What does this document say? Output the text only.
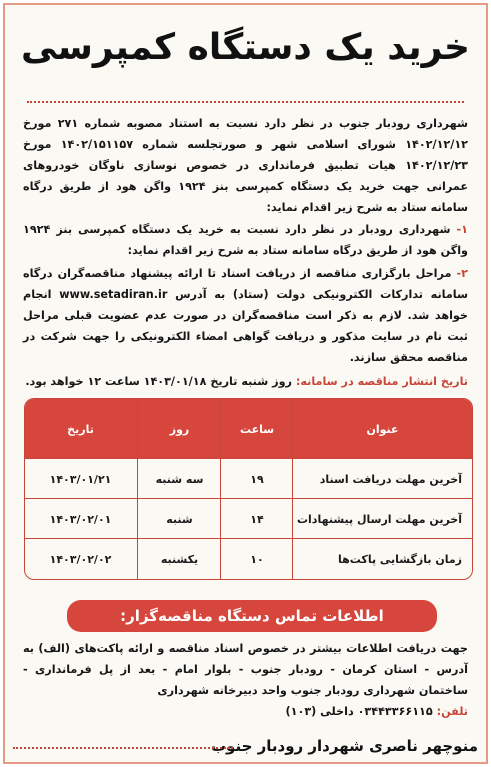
خرید یک دستگاه کمپرسی

شهرداری رودبار جنوب در نظر دارد نسبت به استناد مصوبه شماره ۲۷۱ مورخ ۱۴۰۲/۱۲/۱۲ شورای اسلامی شهر و صورتجلسه شماره ۱۴۰۲/۱۵۱۱۵۷ مورخ ۱۴۰۲/۱۲/۲۳ هیات تطبیق فرمانداری در خصوص نوسازی ناوگان خودروهای عمرانی جهت خرید یک دستگاه کمپرسی بنز ۱۹۲۴ واگن هود از طریق درگاه سامانه ستاد به شرح زیر اقدام نماید:

۱- شهرداری رودبار در نظر دارد نسبت به خرید یک دستگاه کمپرسی بنز ۱۹۲۴ واگن هود از طریق درگاه سامانه ستاد به شرح زیر اقدام نماید:

۲- مراحل بارگزاری مناقصه از دریافت اسناد تا ارائه پیشنهاد مناقصه‌گران درگاه سامانه تدارکات الکترونیکی دولت (ستاد) به آدرس www.setadiran.ir انجام خواهد شد. لازم به ذکر است مناقصه‌گران در صورت عدم عضویت قبلی مراحل ثبت نام در سایت مذکور و دریافت گواهی امضاء الکترونیکی را جهت شرکت در مناقصه محقق سازند.

تاریخ انتشار مناقصه در سامانه: روز شنبه تاریخ ۱۴۰۳/۰۱/۱۸ ساعت ۱۲ خواهد بود.

عنوان
ساعت
روز
تاریخ
آخرین مهلت دریافت اسناد
۱۹
سه شنبه
۱۴۰۳/۰۱/۲۱
آخرین مهلت ارسال پیشنهادات
۱۴
شنبه
۱۴۰۳/۰۲/۰۱
زمان بازگشایی پاکت‌ها
۱۰
یکشنبه
۱۴۰۳/۰۲/۰۲
اطلاعات تماس دستگاه مناقصه‌گزار:

جهت دریافت اطلاعات بیشتر در خصوص اسناد مناقصه و ارائه پاکت‌های (الف) به آدرس - استان کرمان - رودبار جنوب - بلوار امام - بعد از پل فرمانداری - ساختمان شهرداری رودبار جنوب واحد دبیرخانه شهرداری
تلفن: ۰۳۴۴۳۳۶۶۱۱۵ داخلی (۱۰۳)

منوچهر ناصری شهردار رودبار جنوب
